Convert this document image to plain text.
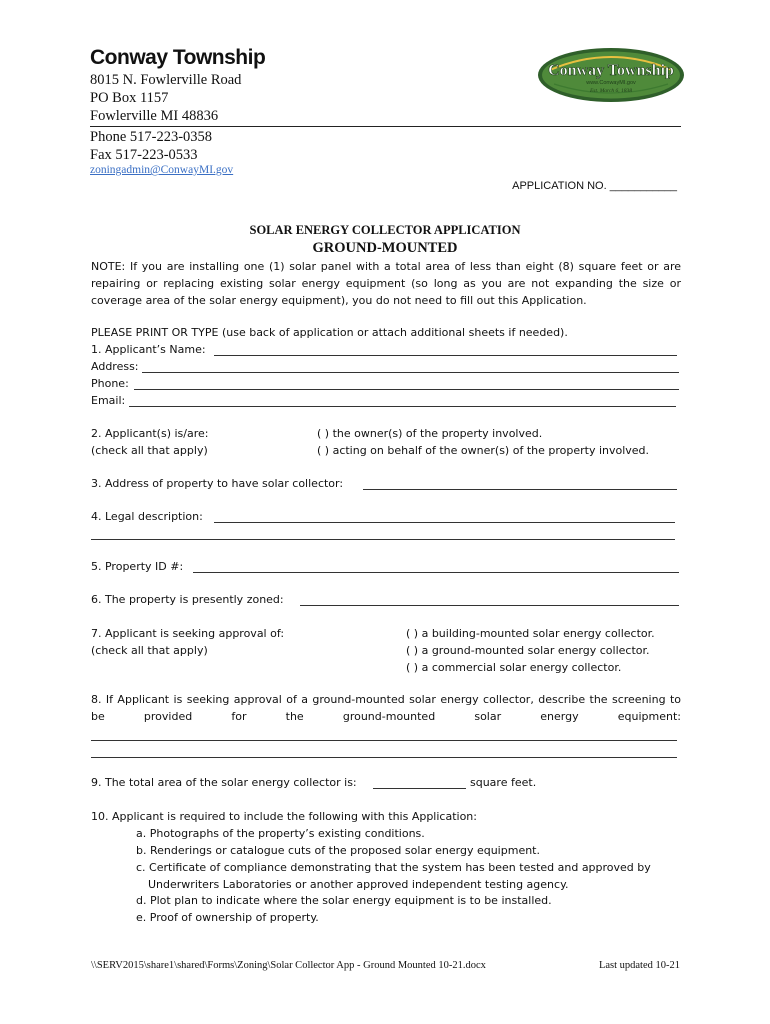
Conway Township
8015 N. Fowlerville Road
PO Box 1157
Fowlerville MI 48836
Phone 517-223-0358
Fax 517-223-0533
zoningadmin@ConwayMI.gov
APPLICATION NO. ___________
Conway Township
www.ConwayMI.gov
Est. March 6, 1838
SOLAR ENERGY COLLECTOR APPLICATION
GROUND-MOUNTED
NOTE: If you are installing one (1) solar panel with a total area of less than eight (8) square feet or are repairing or replacing existing solar energy equipment (so long as you are not expanding the size or coverage area of the solar energy equipment), you do not need to fill out this Application.
PLEASE PRINT OR TYPE (use back of application or attach additional sheets if needed).
1. Applicant’s Name:
Address:
Phone:
Email:
2. Applicant(s) is/are:
(check all that apply)
( ) the owner(s) of the property involved.
( ) acting on behalf of the owner(s) of the property involved.
3. Address of property to have solar collector:
4. Legal description:
5. Property ID #:
6. The property is presently zoned:
7. Applicant is seeking approval of:
(check all that apply)
( ) a building-mounted solar energy collector.
( ) a ground-mounted solar energy collector.
( ) a commercial solar energy collector.
8. If Applicant is seeking approval of a ground-mounted solar energy collector, describe the screening to be provided for the ground-mounted solar energy equipment:
9. The total area of the solar energy collector is:	square feet.
10. Applicant is required to include the following with this Application:
a. Photographs of the property’s existing conditions.
b. Renderings or catalogue cuts of the proposed solar energy equipment.
c. Certificate of compliance demonstrating that the system has been tested and approved by
Underwriters Laboratories or another approved independent testing agency.
d. Plot plan to indicate where the solar energy equipment is to be installed.
e. Proof of ownership of property.
\\SERV2015\share1\shared\Forms\Zoning\Solar Collector App - Ground Mounted 10-21.docx	Last updated 10-21
